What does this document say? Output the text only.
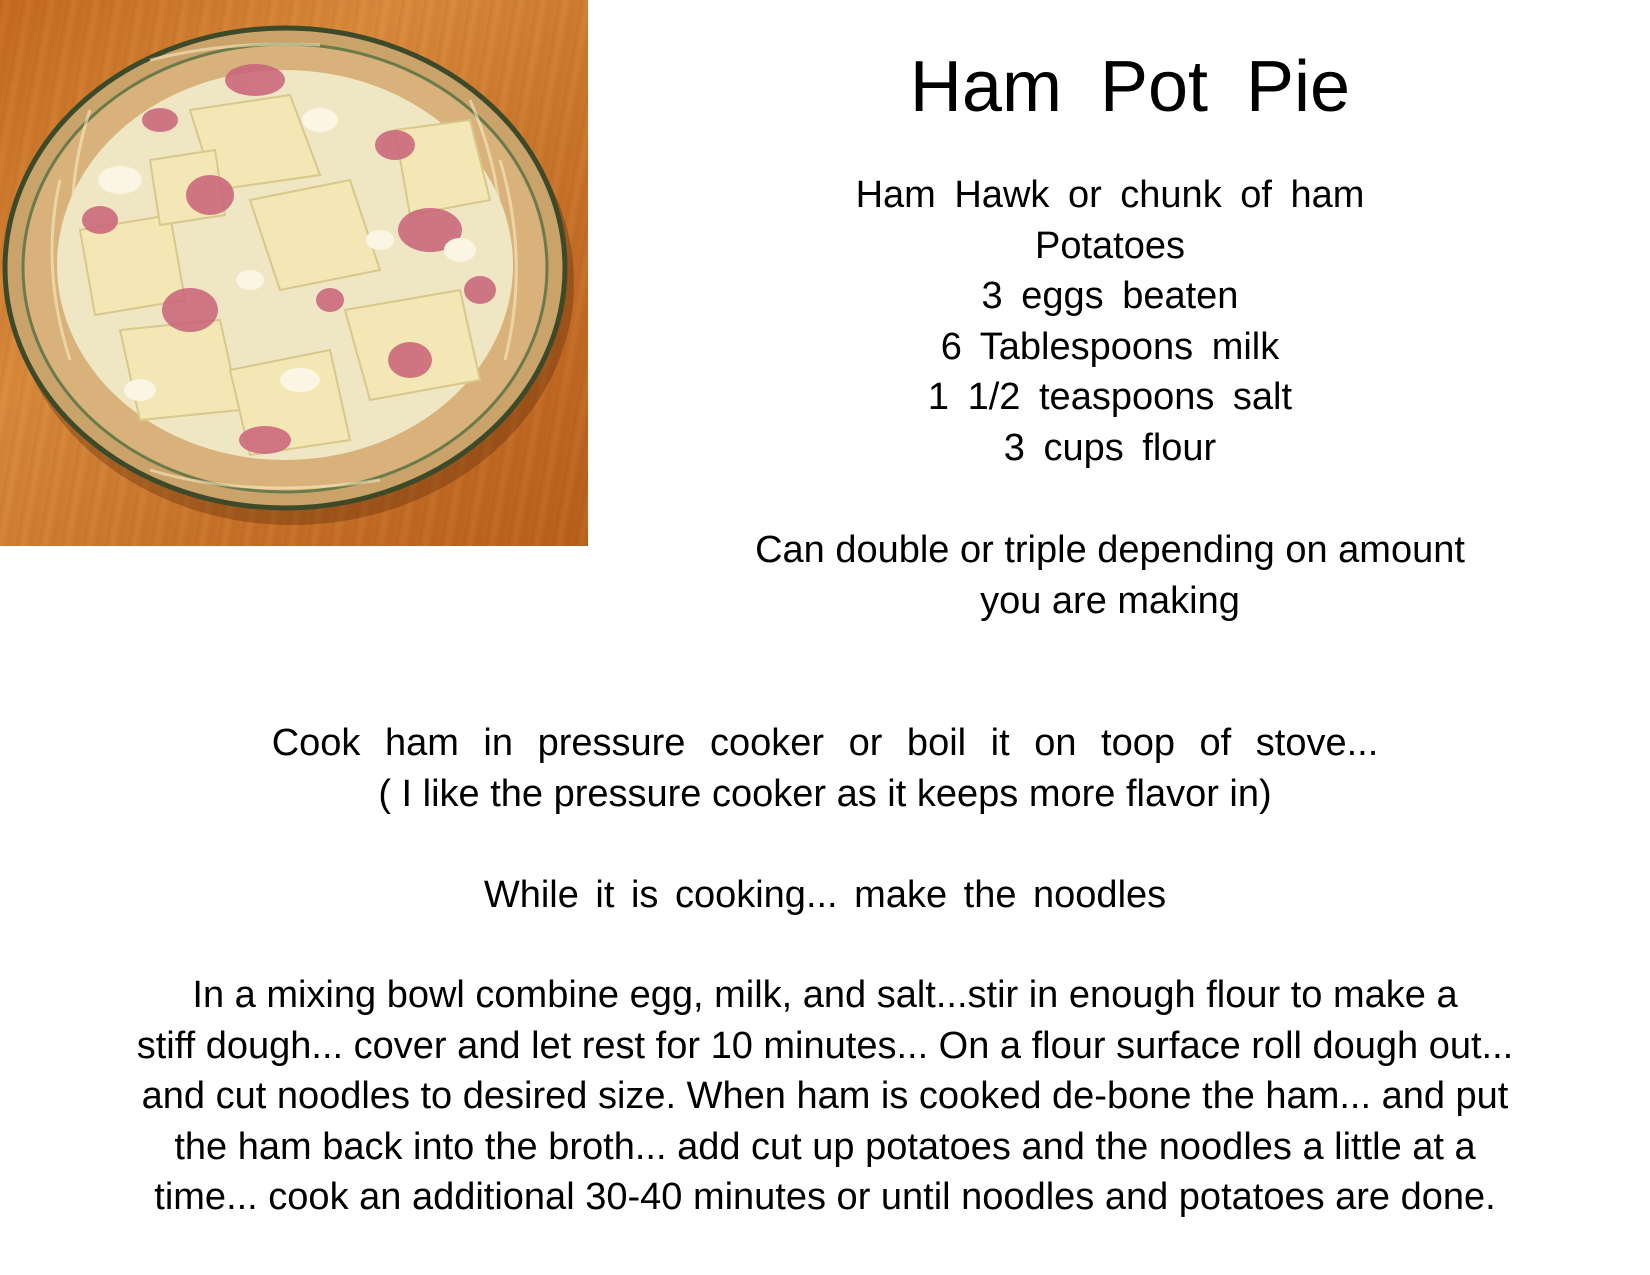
Ham Pot Pie
Ham Hawk or chunk of ham
Potatoes
3 eggs beaten
6 Tablespoons milk
1 1/2 teaspoons salt
3 cups flour
Can double or triple depending on amount
you are making
Cook ham in pressure cooker or boil it on toop of stove...
( I like the pressure cooker as it keeps more flavor in)
While it is cooking... make the noodles
In a mixing bowl combine egg, milk, and salt...stir in enough flour to make a
stiff dough... cover and let rest for 10 minutes... On a flour surface roll dough out...
and cut noodles to desired size. When ham is cooked de-bone the ham... and put
the ham back into the broth... add cut up potatoes and the noodles a little at a
time... cook an additional 30-40 minutes or until noodles and potatoes are done.
